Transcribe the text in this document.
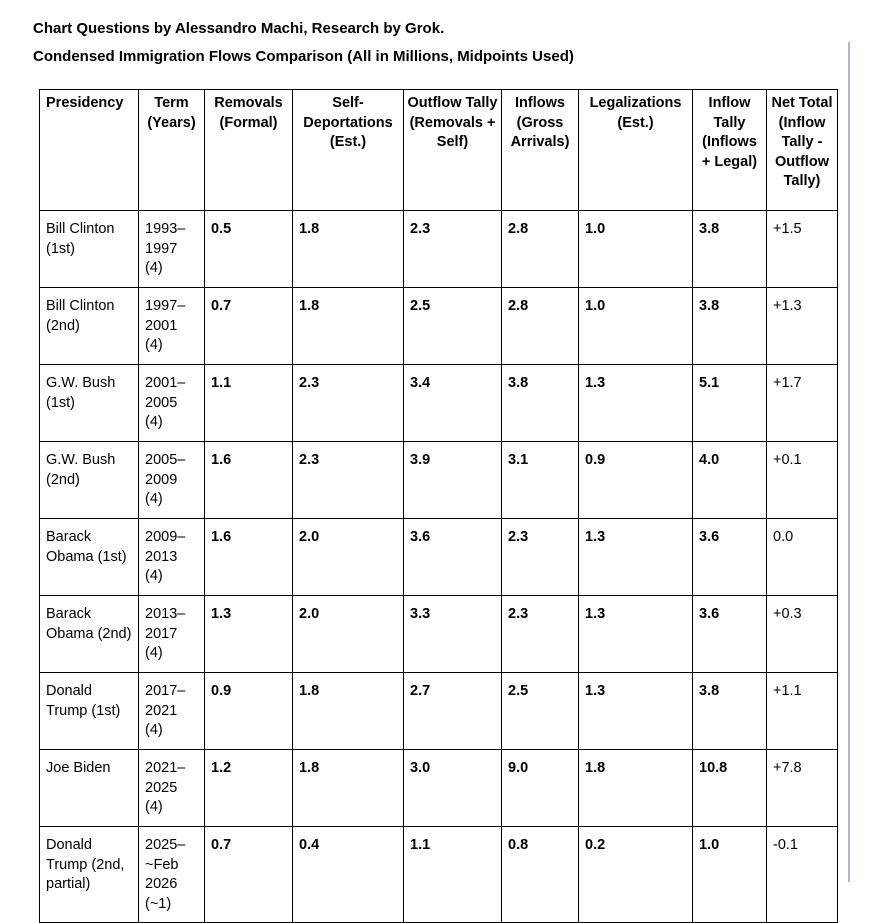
Chart Questions by Alessandro Machi, Research by Grok.
Condensed Immigration Flows Comparison (All in Millions, Midpoints Used)
Presidency	Term (Years)	Removals (Formal)	Self-Deportations (Est.)	Outflow Tally (Removals + Self)	Inflows (Gross Arrivals)	Legalizations (Est.)	Inflow Tally (Inflows + Legal)	Net Total (Inflow Tally - Outflow Tally)
Bill Clinton (1st)	1993–1997 (4)	0.5	1.8	2.3	2.8	1.0	3.8	+1.5
Bill Clinton (2nd)	1997–2001 (4)	0.7	1.8	2.5	2.8	1.0	3.8	+1.3
G.W. Bush (1st)	2001–2005 (4)	1.1	2.3	3.4	3.8	1.3	5.1	+1.7
G.W. Bush (2nd)	2005–2009 (4)	1.6	2.3	3.9	3.1	0.9	4.0	+0.1
Barack Obama (1st)	2009–2013 (4)	1.6	2.0	3.6	2.3	1.3	3.6	0.0
Barack Obama (2nd)	2013–2017 (4)	1.3	2.0	3.3	2.3	1.3	3.6	+0.3
Donald Trump (1st)	2017–2021 (4)	0.9	1.8	2.7	2.5	1.3	3.8	+1.1
Joe Biden	2021–2025 (4)	1.2	1.8	3.0	9.0	1.8	10.8	+7.8
Donald Trump (2nd, partial)	2025–~Feb 2026 (~1)	0.7	0.4	1.1	0.8	0.2	1.0	-0.1
